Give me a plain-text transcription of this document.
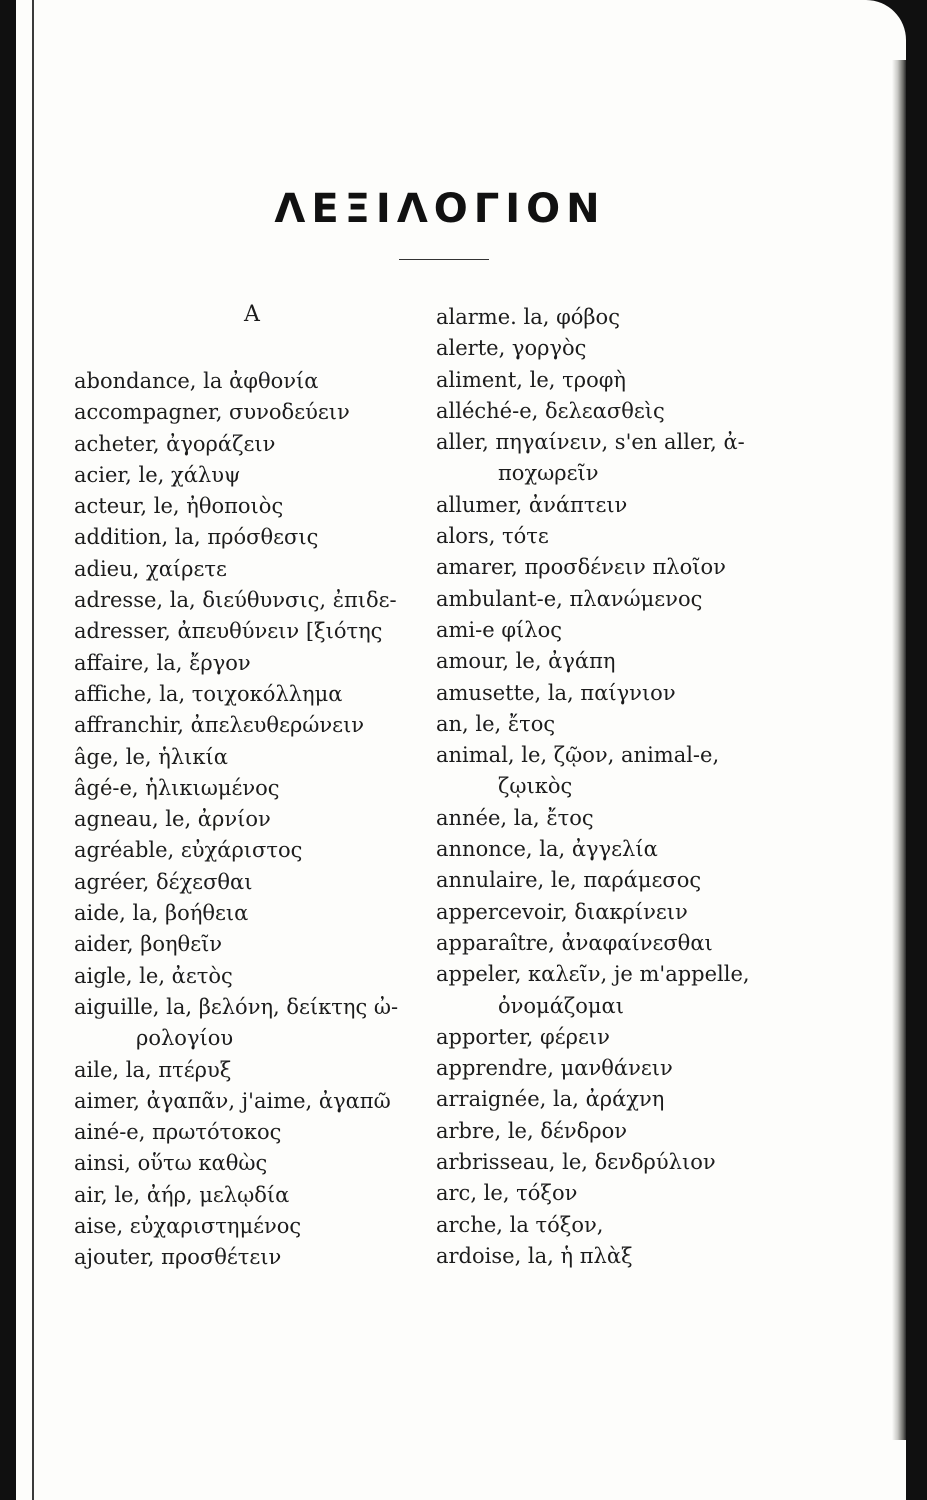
ΛΕΞΙΛΟΓΙΟΝ
A
abondance, la ἀφθονία
accompagner, συνοδεύειν
acheter, ἀγοράζειν
acier, le, χάλυψ
acteur, le, ἠθοποιὸς
addition, la, πρόσθεσις
adieu, χαίρετε
adresse, la, διεύθυνσις, ἐπιδε-
adresser, ἀπευθύνειν [ξιότης
affaire, la, ἔργον
affiche, la, τοιχοκόλλημα
affranchir, ἀπελευθερώνειν
âge, le, ἡλικία
âgé-e, ἡλικιωμένος
agneau, le, ἀρνίον
agréable, εὐχάριστος
agréer, δέχεσθαι
aide, la, βοήθεια
aider, βοηθεῖν
aigle, le, ἀετὸς
aiguille, la, βελόνη, δείκτης ὠ-
ρολογίου
aile, la, πτέρυξ
aimer, ἀγαπᾶν, j'aime, ἀγαπῶ
ainé-e, πρωτότοκος
ainsi, οὕτω καθὼς
air, le, ἀήρ, μελῳδία
aise, εὐχαριστημένος
ajouter, προσθέτειν
alarme. la, φόβος
alerte, γοργὸς
aliment, le, τροφὴ
alléché-e, δελεασθεὶς
aller, πηγαίνειν, s'en aller, ἀ-
ποχωρεῖν
allumer, ἀνάπτειν
alors, τότε
amarer, προσδένειν πλοῖον
ambulant-e, πλανώμενος
ami-e φίλος
amour, le, ἀγάπη
amusette, la, παίγνιον
an, le, ἔτος
animal, le, ζῷον, animal-e,
ζῳικὸς
année, la, ἔτος
annonce, la, ἀγγελία
annulaire, le, παράμεσος
appercevoir, διακρίνειν
apparaître, ἀναφαίνεσθαι
appeler, καλεῖν, je m'appelle,
ὀνομάζομαι
apporter, φέρειν
apprendre, μανθάνειν
arraignée, la, ἀράχνη
arbre, le, δένδρον
arbrisseau, le, δενδρύλιον
arc, le, τόξον
arche, la τόξον,
ardoise, la, ἡ πλὰξ
